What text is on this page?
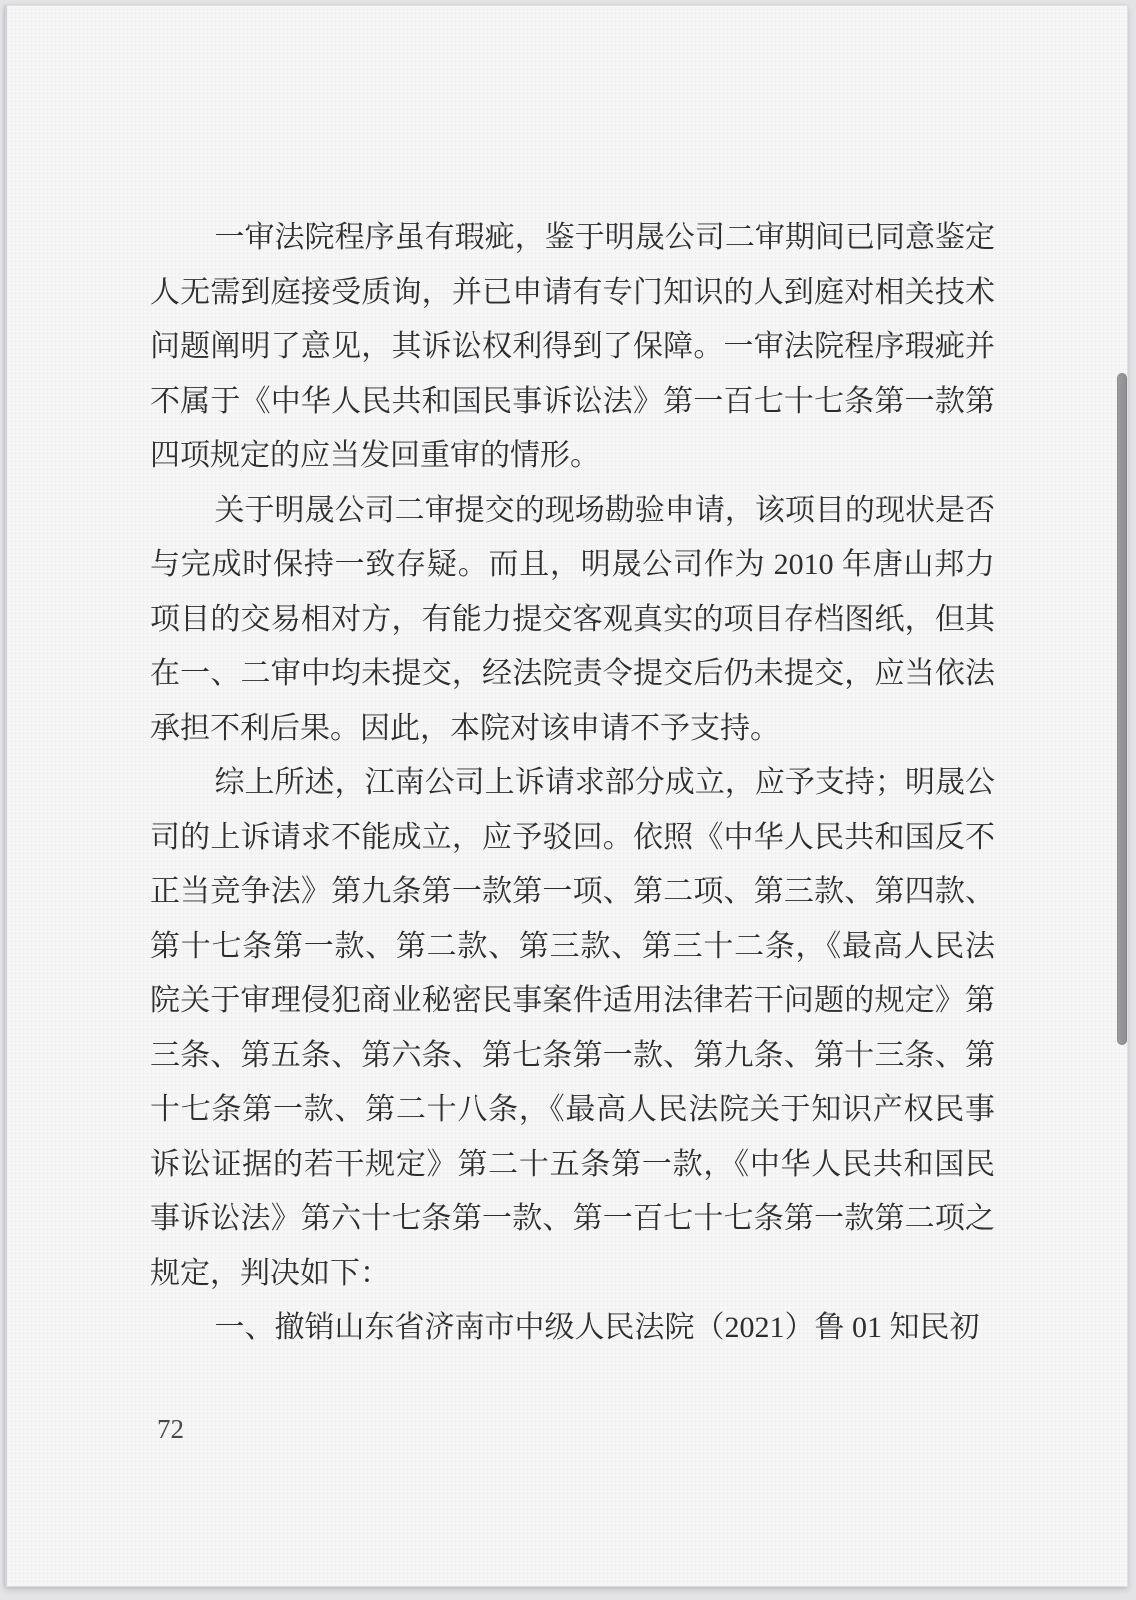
一审法院程序虽有瑕疵，鉴于明晟公司二审期间已同意鉴定
人无需到庭接受质询，并已申请有专门知识的人到庭对相关技术
问题阐明了意见，其诉讼权利得到了保障。一审法院程序瑕疵并
不属于《中华人民共和国民事诉讼法》第一百七十七条第一款第
四项规定的应当发回重审的情形。
关于明晟公司二审提交的现场勘验申请，该项目的现状是否
与完成时保持一致存疑。而且，明晟公司作为 2010 年唐山邦力
项目的交易相对方，有能力提交客观真实的项目存档图纸，但其
在一、二审中均未提交，经法院责令提交后仍未提交，应当依法
承担不利后果。因此，本院对该申请不予支持。
综上所述，江南公司上诉请求部分成立，应予支持；明晟公
司的上诉请求不能成立，应予驳回。依照《中华人民共和国反不
正当竞争法》第九条第一款第一项、第二项、第三款、第四款、
第十七条第一款、第二款、第三款、第三十二条，《最高人民法
院关于审理侵犯商业秘密民事案件适用法律若干问题的规定》第
三条、第五条、第六条、第七条第一款、第九条、第十三条、第
十七条第一款、第二十八条，《最高人民法院关于知识产权民事
诉讼证据的若干规定》第二十五条第一款，《中华人民共和国民
事诉讼法》第六十七条第一款、第一百七十七条第一款第二项之
规定，判决如下：
一、撤销山东省济南市中级人民法院（2021）鲁 01 知民初
72
